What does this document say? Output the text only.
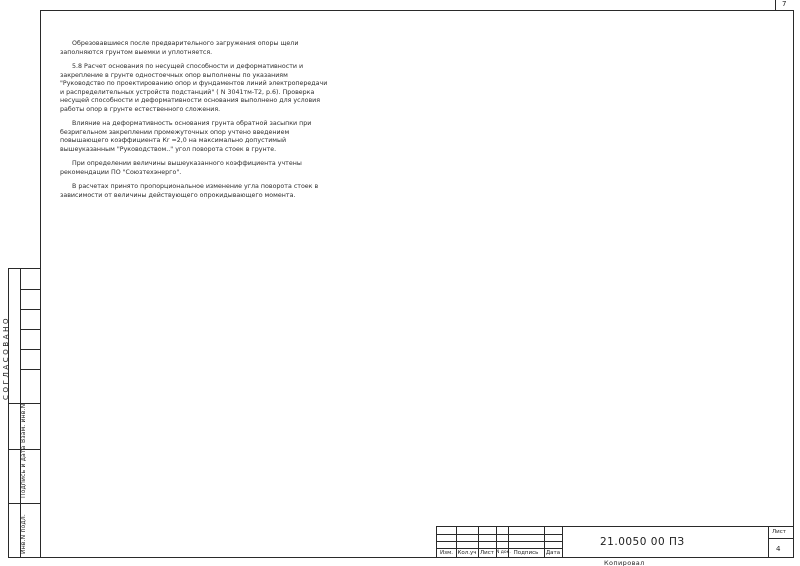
7
СОГЛАСОВАНО
Взам. инв.N
Подпись и дата
Инв.N подл.

Обрезовавшиеся после предварительного загружения опоры щели заполняются грунтом выемки и уплотняется.

5.8 Расчет основания по несущей способности и деформативности и закрепление в грунте одностоечных опор выполнены по указаниям "Руководство по проектированию опор и фундаментов линий электропередачи и распределительных устройств подстанций" ( N 3041тм-Т2, р.6). Проверка несущей способности и деформативности основания выполнено для условия работы опор в грунте естественного сложения.

Влияние на деформативность основания грунта обратной засыпки при безригельном закреплении промежуточных опор учтено введением повышающего коэффициента Кr =2,0 на максимально допустимый вышеуказанным "Руководством.." угол поворота стоек в грунте.

При определении величины вышеуказанного коэффициента учтены рекомендации ПО "Союзтехэнерго".

В расчетах принято пропорциональное изменение угла поворота стоек в зависимости от величины действующего опрокидывающего момента.

Изм. Кол.уч Лист N док. Подпись	Дата
21.0050 00 ПЗ
Лист
4
Копировал
